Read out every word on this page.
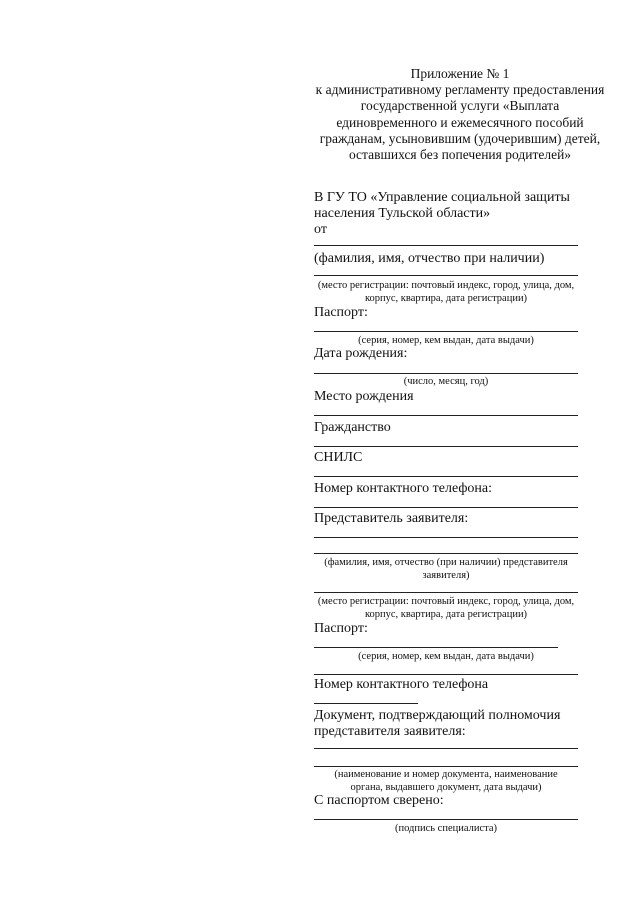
Приложение № 1
к административному регламенту предоставления
государственной услуги «Выплата
единовременного и ежемесячного пособий
гражданам, усыновившим (удочерившим) детей,
оставшихся без попечения родителей»
В ГУ ТО «Управление социальной защиты
населения Тульской области»
от
(фамилия, имя, отчество при наличии)
(место регистрации: почтовый индекс, город, улица, дом,
корпус, квартира, дата регистрации)
Паспорт:
(серия, номер, кем выдан, дата выдачи)
Дата рождения:
(число, месяц, год)
Место рождения
Гражданство
СНИЛС
Номер контактного телефона:
Представитель заявителя:
(фамилия, имя, отчество (при наличии) представителя
заявителя)
(место регистрации: почтовый индекс, город, улица, дом,
корпус, квартира, дата регистрации)
Паспорт:
(серия, номер, кем выдан, дата выдачи)
Номер контактного телефона
Документ, подтверждающий полномочия
представителя заявителя:
(наименование и номер документа, наименование
органа, выдавшего документ, дата выдачи)
С паспортом сверено:
(подпись специалиста)
